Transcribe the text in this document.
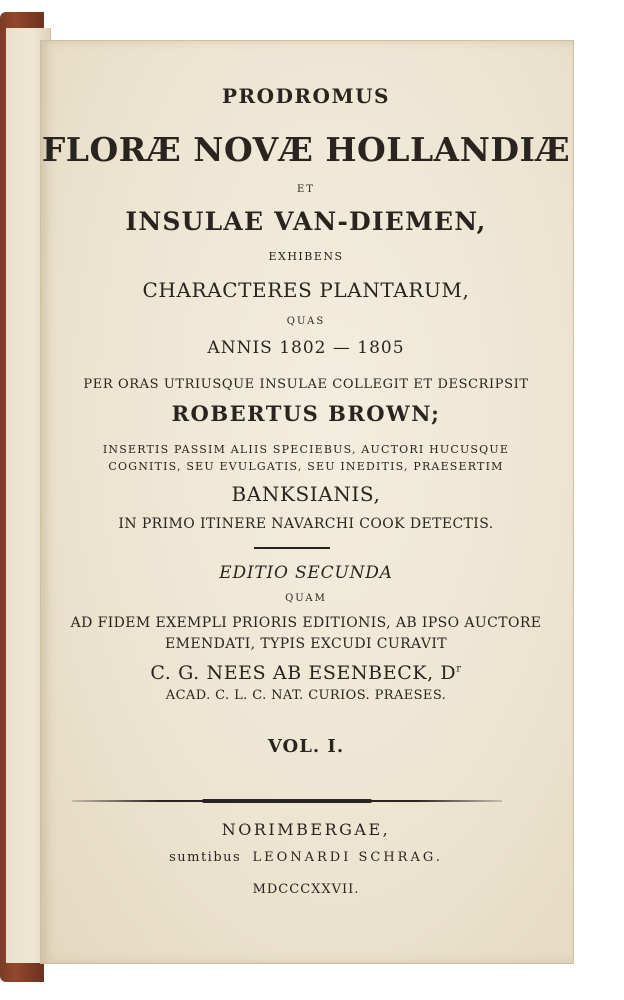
PRODROMUS
FLORÆ NOVÆ HOLLANDIÆ
ET
INSULAE VAN-DIEMEN,
EXHIBENS
CHARACTERES PLANTARUM,
QUAS
ANNIS 1802 — 1805
PER ORAS UTRIUSQUE INSULAE COLLEGIT ET DESCRIPSIT
ROBERTUS BROWN;
INSERTIS PASSIM ALIIS SPECIEBUS, AUCTORI HUCUSQUE
COGNITIS, SEU EVULGATIS, SEU INEDITIS, PRAESERTIM
BANKSIANIS,
IN PRIMO ITINERE NAVARCHI COOK DETECTIS.
EDITIO SECUNDA
QUAM
AD FIDEM EXEMPLI PRIORIS EDITIONIS, AB IPSO AUCTORE
EMENDATI, TYPIS EXCUDI CURAVIT
C. G. NEES AB ESENBECK, $D^r$
ACAD. C. L. C. NAT. CURIOS. PRAESES.
VOL. I.
NORIMBERGAE,
sumtibus LEONARDI SCHRAG.
MDCCCXXVII.
